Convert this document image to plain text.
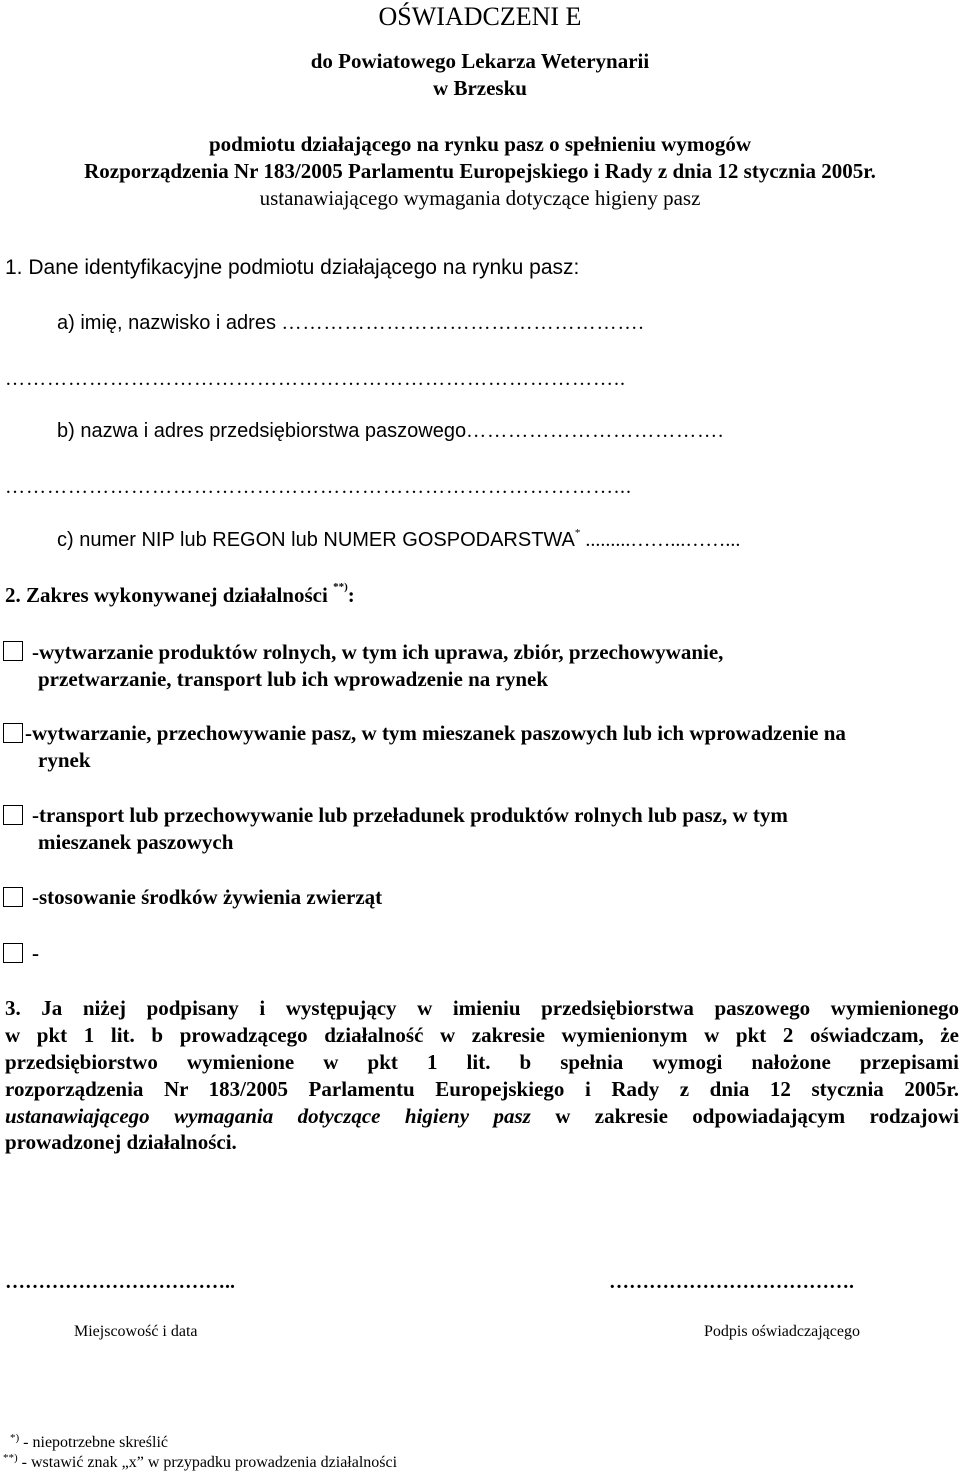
OŚWIADCZENI E
do Powiatowego Lekarza Weterynarii
w Brzesku
podmiotu działającego na rynku pasz o spełnieniu wymogów
Rozporządzenia Nr 183/2005 Parlamentu Europejskiego i Rady z dnia 12 stycznia 2005r.
ustanawiającego wymagania dotyczące higieny pasz
1. Dane identyfikacyjne podmiotu działającego na rynku pasz:
a) imię, nazwisko i adres …………………………………………….
……………………………………………………………………………..
b) nazwa i adres przedsiębiorstwa paszowego……………………………….
……………………………………………………………………………...
c) numer NIP lub REGON lub NUMER GOSPODARSTWA* .........……...……...
2. Zakres wykonywanej działalności **):
-wytwarzanie produktów rolnych, w tym ich uprawa, zbiór, przechowywanie,
przetwarzanie, transport lub ich wprowadzenie na rynek
-wytwarzanie, przechowywanie pasz, w tym mieszanek paszowych lub ich wprowadzenie na
rynek
-transport lub przechowywanie lub przeładunek produktów rolnych lub pasz, w tym
mieszanek paszowych
-stosowanie środków żywienia zwierząt
-
3. Ja niżej podpisany i występujący w imieniu przedsiębiorstwa paszowego wymienionego
w pkt 1 lit. b prowadzącego działalność w zakresie wymienionym w pkt 2 oświadczam, że
przedsiębiorstwo wymienione w pkt 1 lit. b spełnia wymogi nałożone przepisami
rozporządzenia Nr 183/2005 Parlamentu Europejskiego i Rady z dnia 12 stycznia 2005r.
ustanawiającego wymagania dotyczące higieny pasz w zakresie odpowiadającym rodzajowi
prowadzonej działalności.
……………………………..	……………………………….
Miejscowość i data	Podpis oświadczającego
*) - niepotrzebne skreślić
**) - wstawić znak „x” w przypadku prowadzenia działalności
